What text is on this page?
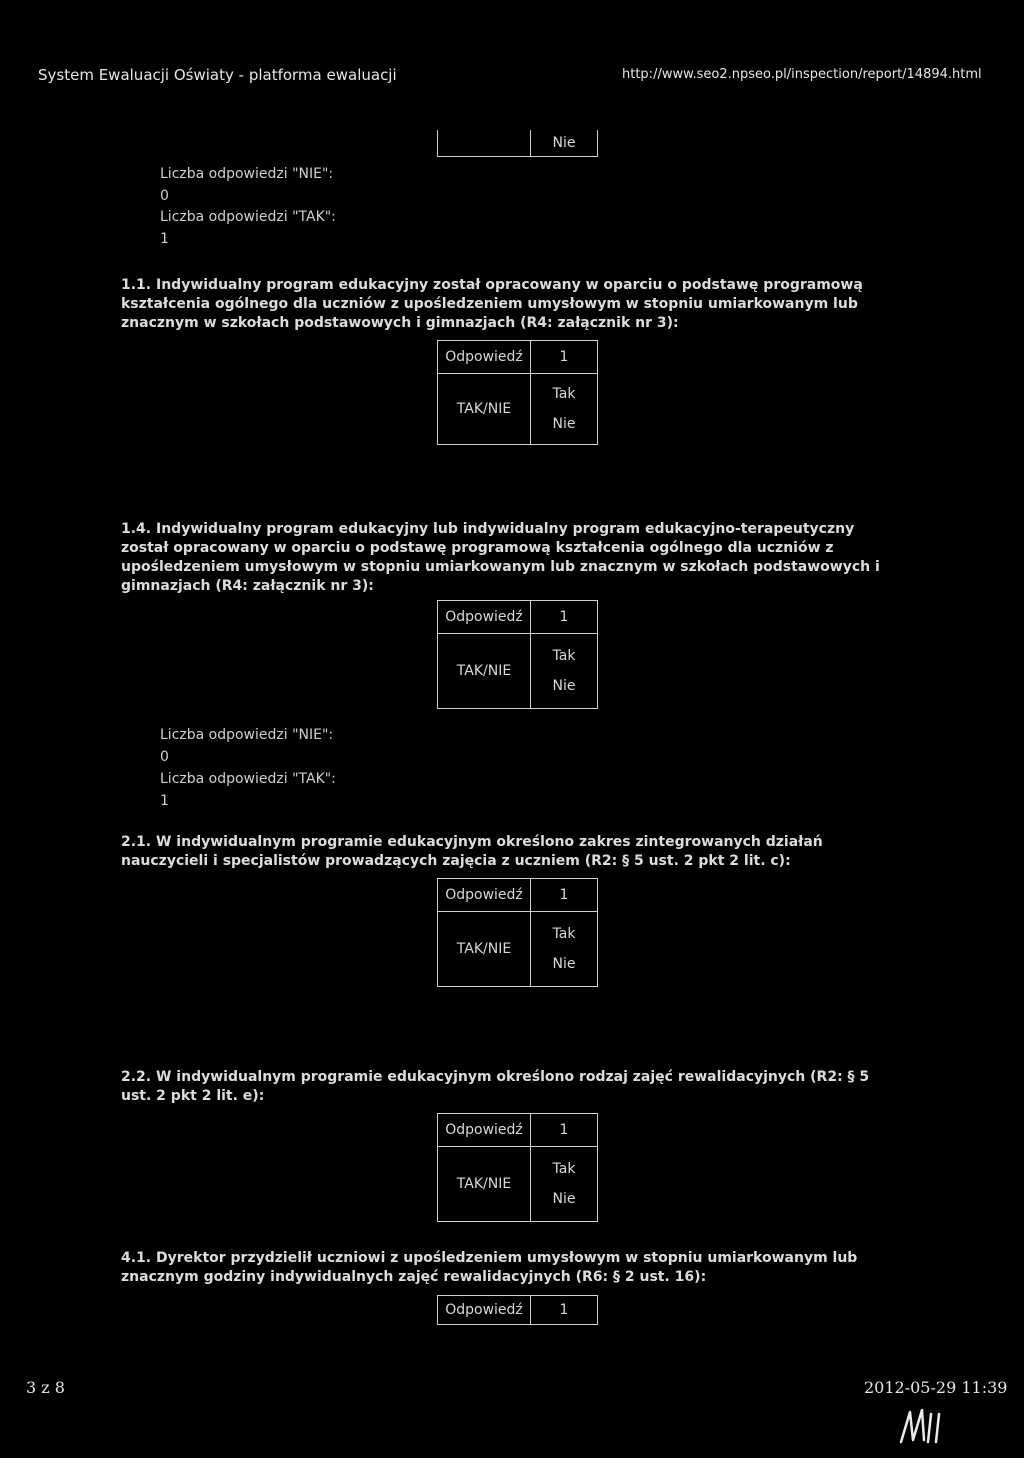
System Ewaluacji Oświaty - platforma ewaluacji	http://www.seo2.npseo.pl/inspection/report/14894.html
	Nie
Liczba odpowiedzi "NIE":
0
Liczba odpowiedzi "TAK":
1
1.1. Indywidualny program edukacyjny został opracowany w oparciu o podstawę programową kształcenia ogólnego dla uczniów z upośledzeniem umysłowym w stopniu umiarkowanym lub znacznym w szkołach podstawowych i gimnazjach (R4: załącznik nr 3):
Odpowiedź	1
TAK/NIE	Tak
Nie
1.4. Indywidualny program edukacyjny lub indywidualny program edukacyjno-terapeutyczny został opracowany w oparciu o podstawę programową kształcenia ogólnego dla uczniów z upośledzeniem umysłowym w stopniu umiarkowanym lub znacznym w szkołach podstawowych i gimnazjach (R4: załącznik nr 3):
Odpowiedź	1
TAK/NIE	Tak
Nie
Liczba odpowiedzi "NIE":
0
Liczba odpowiedzi "TAK":
1
2.1. W indywidualnym programie edukacyjnym określono zakres zintegrowanych działań nauczycieli i specjalistów prowadzących zajęcia z uczniem (R2: § 5 ust. 2 pkt 2 lit. c):
Odpowiedź	1
TAK/NIE	Tak
Nie
2.2. W indywidualnym programie edukacyjnym określono rodzaj zajęć rewalidacyjnych (R2: § 5 ust. 2 pkt 2 lit. e):
Odpowiedź	1
TAK/NIE	Tak
Nie
4.1. Dyrektor przydzielił uczniowi z upośledzeniem umysłowym w stopniu umiarkowanym lub znacznym godziny indywidualnych zajęć rewalidacyjnych (R6: § 2 ust. 16):
Odpowiedź	1
3 z 8	2012-05-29 11:39
